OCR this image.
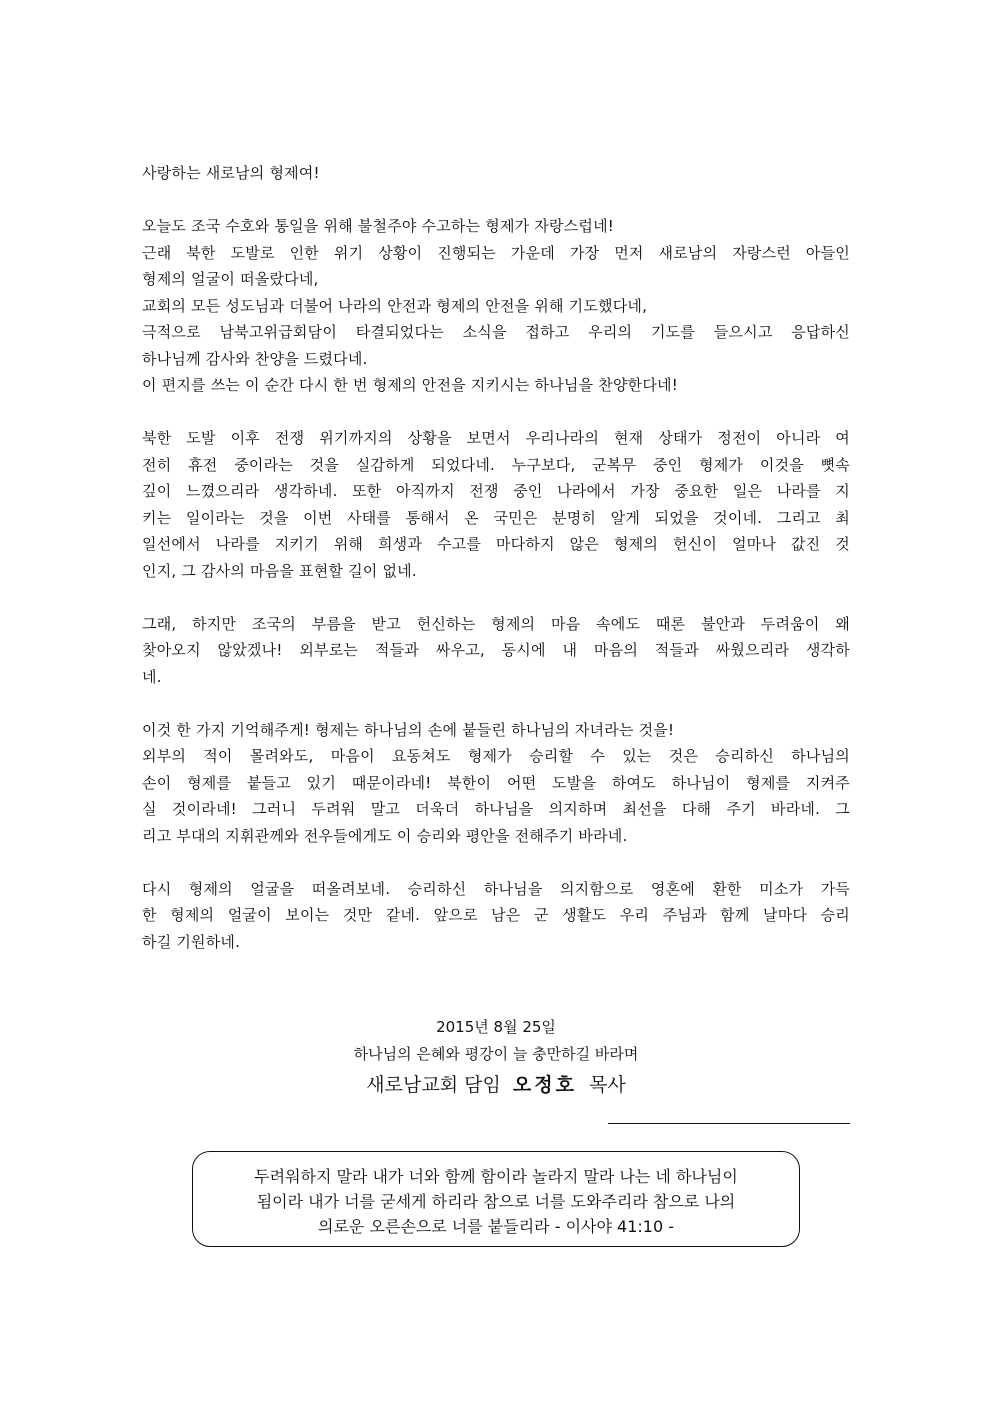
사랑하는 새로남의 형제여!
오늘도 조국 수호와 통일을 위해 불철주야 수고하는 형제가 자랑스럽네!
근래 북한 도발로 인한 위기 상황이 진행되는 가운데 가장 먼저 새로남의 자랑스런 아들인
형제의 얼굴이 떠올랐다네,
교회의 모든 성도님과 더불어 나라의 안전과 형제의 안전을 위해 기도했다네,
극적으로 남북고위급회담이 타결되었다는 소식을 접하고 우리의 기도를 들으시고 응답하신
하나님께 감사와 찬양을 드렸다네.
이 편지를 쓰는 이 순간 다시 한 번 형제의 안전을 지키시는 하나님을 찬양한다네!
북한 도발 이후 전쟁 위기까지의 상황을 보면서 우리나라의 현재 상태가 정전이 아니라 여
전히 휴전 중이라는 것을 실감하게 되었다네. 누구보다, 군복무 중인 형제가 이것을 뼛속
깊이 느꼈으리라 생각하네. 또한 아직까지 전쟁 중인 나라에서 가장 중요한 일은 나라를 지
키는 일이라는 것을 이번 사태를 통해서 온 국민은 분명히 알게 되었을 것이네. 그리고 최
일선에서 나라를 지키기 위해 희생과 수고를 마다하지 않은 형제의 헌신이 얼마나 값진 것
인지, 그 감사의 마음을 표현할 길이 없네.
그래, 하지만 조국의 부름을 받고 헌신하는 형제의 마음 속에도 때론 불안과 두려움이 왜
찾아오지 않았겠나! 외부로는 적들과 싸우고, 동시에 내 마음의 적들과 싸웠으리라 생각하
네.
이것 한 가지 기억해주게! 형제는 하나님의 손에 붙들린 하나님의 자녀라는 것을!
외부의 적이 몰려와도, 마음이 요동쳐도 형제가 승리할 수 있는 것은 승리하신 하나님의
손이 형제를 붙들고 있기 때문이라네! 북한이 어떤 도발을 하여도 하나님이 형제를 지켜주
실 것이라네! 그러니 두려워 말고 더욱더 하나님을 의지하며 최선을 다해 주기 바라네. 그
리고 부대의 지휘관께와 전우들에게도 이 승리와 평안을 전해주기 바라네.
다시 형제의 얼굴을 떠올려보네. 승리하신 하나님을 의지함으로 영혼에 환한 미소가 가득
한 형제의 얼굴이 보이는 것만 같네. 앞으로 남은 군 생활도 우리 주님과 함께 날마다 승리
하길 기원하네.
2015년 8월 25일
하나님의 은혜와 평강이 늘 충만하길 바라며
새로남교회 담임 오정호 목사
두려워하지 말라 내가 너와 함께 함이라 놀라지 말라 나는 네 하나님이
됨이라 내가 너를 굳세게 하리라 참으로 너를 도와주리라 참으로 나의
의로운 오른손으로 너를 붙들리라 - 이사야 41:10 -
